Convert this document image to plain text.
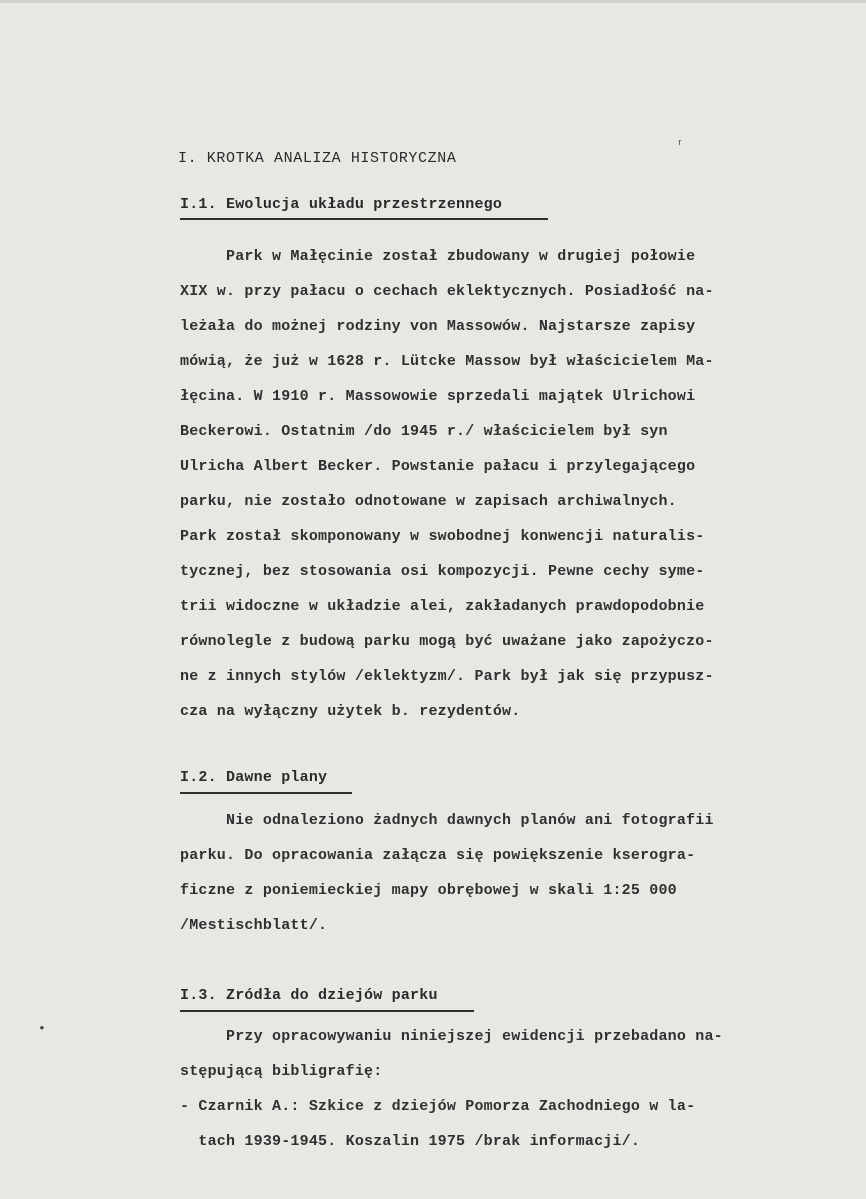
ʳ
•
I. KROTKA ANALIZA HISTORYCZNA
I.1. Ewolucja układu przestrzennego
Park w Małęcinie został zbudowany w drugiej połowie
XIX w. przy pałacu o cechach eklektycznych. Posiadłość na-
leżała do możnej rodziny von Massowów. Najstarsze zapisy
mówią, że już w 1628 r. Lütcke Massow był właścicielem Ma-
łęcina. W 1910 r. Massowowie sprzedali majątek Ulrichowi
Beckerowi. Ostatnim /do 1945 r./ właścicielem był syn
Ulricha Albert Becker. Powstanie pałacu i przylegającego
parku, nie zostało odnotowane w zapisach archiwalnych.
Park został skomponowany w swobodnej konwencji naturalis-
tycznej, bez stosowania osi kompozycji. Pewne cechy syme-
trii widoczne w układzie alei, zakładanych prawdopodobnie
równolegle z budową parku mogą być uważane jako zapożyczo-
ne z innych stylów /eklektyzm/. Park był jak się przypusz-
cza na wyłączny użytek b. rezydentów.
I.2. Dawne plany
Nie odnaleziono żadnych dawnych planów ani fotografii
parku. Do opracowania załącza się powiększenie kserogra-
ficzne z poniemieckiej mapy obrębowej w skali 1:25 000
/Mestischblatt/.
I.3. Zródła do dziejów parku
Przy opracowywaniu niniejszej ewidencji przebadano na-
stępującą bibligrafię:
- Czarnik A.: Szkice z dziejów Pomorza Zachodniego w la-
tach 1939-1945. Koszalin 1975 /brak informacji/.
